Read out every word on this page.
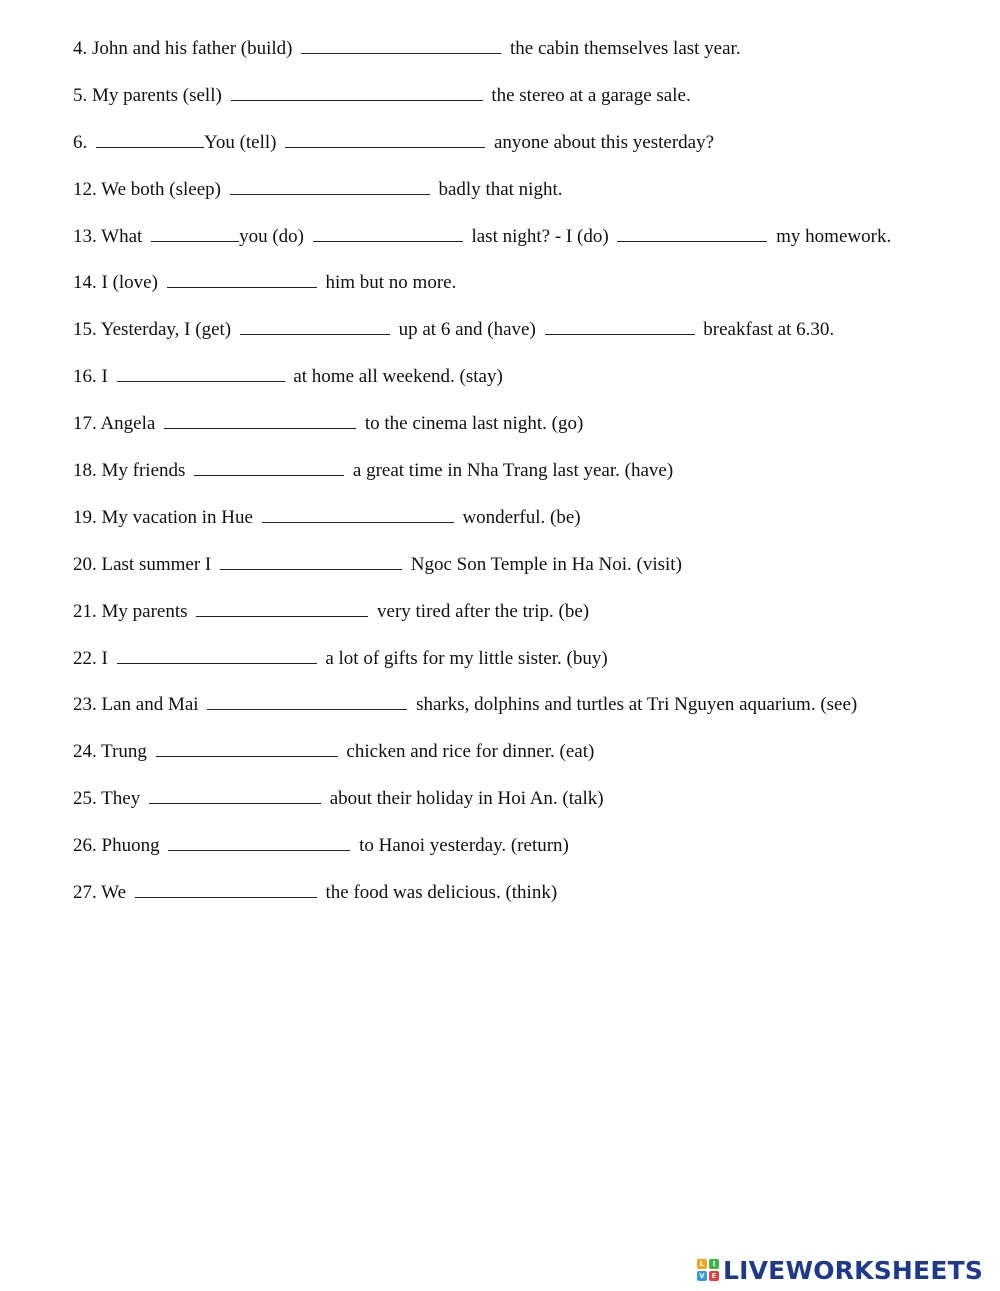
4. John and his father (build)	the cabin themselves last year.
5. My parents (sell)	the stereo at a garage sale.
6.	You (tell)	anyone about this yesterday?
12. We both (sleep)	badly that night.
13. What	you (do)	last night? - I (do)	my homework.
14. I (love)	him but no more.
15. Yesterday, I (get)	up at 6 and (have)	breakfast at 6.30.
16. I	at home all weekend. (stay)
17. Angela	to the cinema last night. (go)
18. My friends	a great time in Nha Trang last year. (have)
19. My vacation in Hue	wonderful. (be)
20. Last summer I	Ngoc Son Temple in Ha Noi. (visit)
21. My parents	very tired after the trip. (be)
22. I	a lot of gifts for my little sister. (buy)
23. Lan and Mai	sharks, dolphins and turtles at Tri Nguyen aquarium. (see)
24. Trung	chicken and rice for dinner. (eat)
25. They	about their holiday in Hoi An. (talk)
26. Phuong	to Hanoi yesterday. (return)
27. We	the food was delicious. (think)
L	I
V E LIVEWORKSHEETS
